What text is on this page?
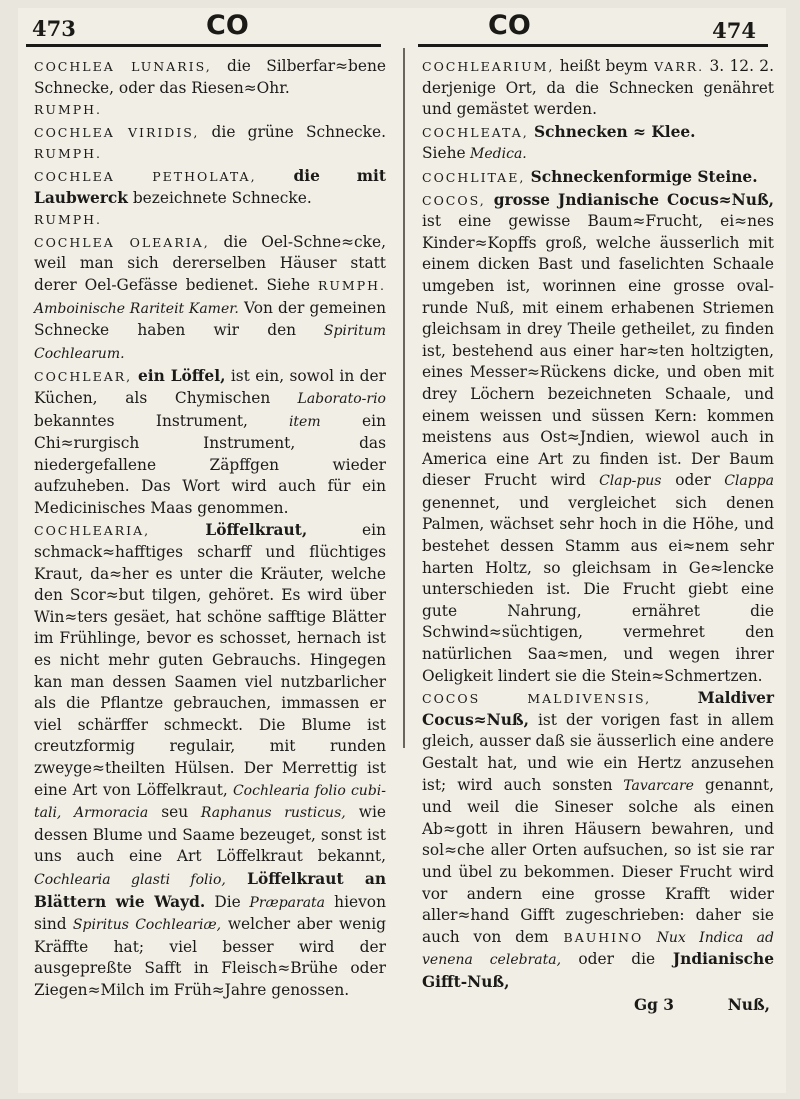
473	CO	CO	474

COCHLEA LUNARIS, die Silberfar≈bene Schnecke, oder das Riesen≈Ohr.
RUMPH.

COCHLEA VIRIDIS, die grüne Schnecke. RUMPH.

COCHLEA PETHOLATA, die mit Laubwerck bezeichnete Schnecke.
RUMPH.

COCHLEA OLEARIA, die Oel-Schne≈cke, weil man sich dererselben Häuser statt derer Oel-Gefässe bedienet. Siehe RUMPH. Amboinische Rariteit Kamer. Von der gemeinen Schnecke haben wir den Spiritum Cochlearum.

COCHLEAR, ein Löffel, ist ein, sowol in der Küchen, als Chymischen Laborato-rio bekanntes Instrument, item ein Chi≈rurgisch Instrument, das niedergefallene Zäpffgen wieder aufzuheben. Das Wort wird auch für ein Medicinisches Maas genommen.

COCHLEARIA, Löffelkraut, ein schmack≈hafftiges scharff und flüchtiges Kraut, da≈her es unter die Kräuter, welche den Scor≈but tilgen, gehöret. Es wird über Win≈ters gesäet, hat schöne safftige Blätter im Frühlinge, bevor es schosset, hernach ist es nicht mehr guten Gebrauchs. Hingegen kan man dessen Saamen viel nutzbarlicher als die Pflantze gebrauchen, immassen er viel schärffer schmeckt. Die Blume ist creutzformig regulair, mit runden zweyge≈theilten Hülsen. Der Merrettig ist eine Art von Löffelkraut, Cochlearia folio cubi-tali, Armoracia seu Raphanus rusticus, wie dessen Blume und Saame bezeuget, sonst ist uns auch eine Art Löffelkraut bekannt, Cochlearia glasti folio, Löffelkraut an Blättern wie Wayd. Die Præparata hievon sind Spiritus Cochleariæ, welcher aber wenig Kräffte hat; viel besser wird der ausgepreßte Safft in Fleisch≈Brühe oder Ziegen≈Milch im Früh≈Jahre genossen.

COCHLEARIUM, heißt beym VARR. 3. 12. 2. derjenige Ort, da die Schnecken genähret und gemästet werden.

COCHLEATA, Schnecken ≈ Klee.
Siehe Medica.

COCHLITAE, Schneckenformige Steine.

COCOS, grosse Jndianische Cocus≈Nuß, ist eine gewisse Baum≈Frucht, ei≈nes Kinder≈Kopffs groß, welche äusserlich mit einem dicken Bast und faselichten Schaale umgeben ist, worinnen eine grosse oval-runde Nuß, mit einem erhabenen Striemen gleichsam in drey Theile getheilet, zu finden ist, bestehend aus einer har≈ten holtzigten, eines Messer≈Rückens dicke, und oben mit drey Löchern bezeichneten Schaale, und einem weissen und süssen Kern: kommen meistens aus Ost≈Jndien, wiewol auch in America eine Art zu finden ist. Der Baum dieser Frucht wird Clap-pus oder Clappa genennet, und vergleichet sich denen Palmen, wächset sehr hoch in die Höhe, und bestehet dessen Stamm aus ei≈nem sehr harten Holtz, so gleichsam in Ge≈lencke unterschieden ist. Die Frucht giebt eine gute Nahrung, ernähret die Schwind≈süchtigen, vermehret den natürlichen Saa≈men, und wegen ihrer Oeligkeit lindert sie die Stein≈Schmertzen.

COCOS MALDIVENSIS, Maldiver Cocus≈Nuß, ist der vorigen fast in allem gleich, ausser daß sie äusserlich eine andere Gestalt hat, und wie ein Hertz anzusehen ist; wird auch sonsten Tavarcare genannt, und weil die Sineser solche als einen Ab≈gott in ihren Häusern bewahren, und sol≈che aller Orten aufsuchen, so ist sie rar und übel zu bekommen. Dieser Frucht wird vor andern eine grosse Krafft wider aller≈hand Gifft zugeschrieben: daher sie auch von dem BAUHINO Nux Indica ad venena celebrata, oder die Jndianische Gifft-Nuß,

Gg 3	Nuß,
